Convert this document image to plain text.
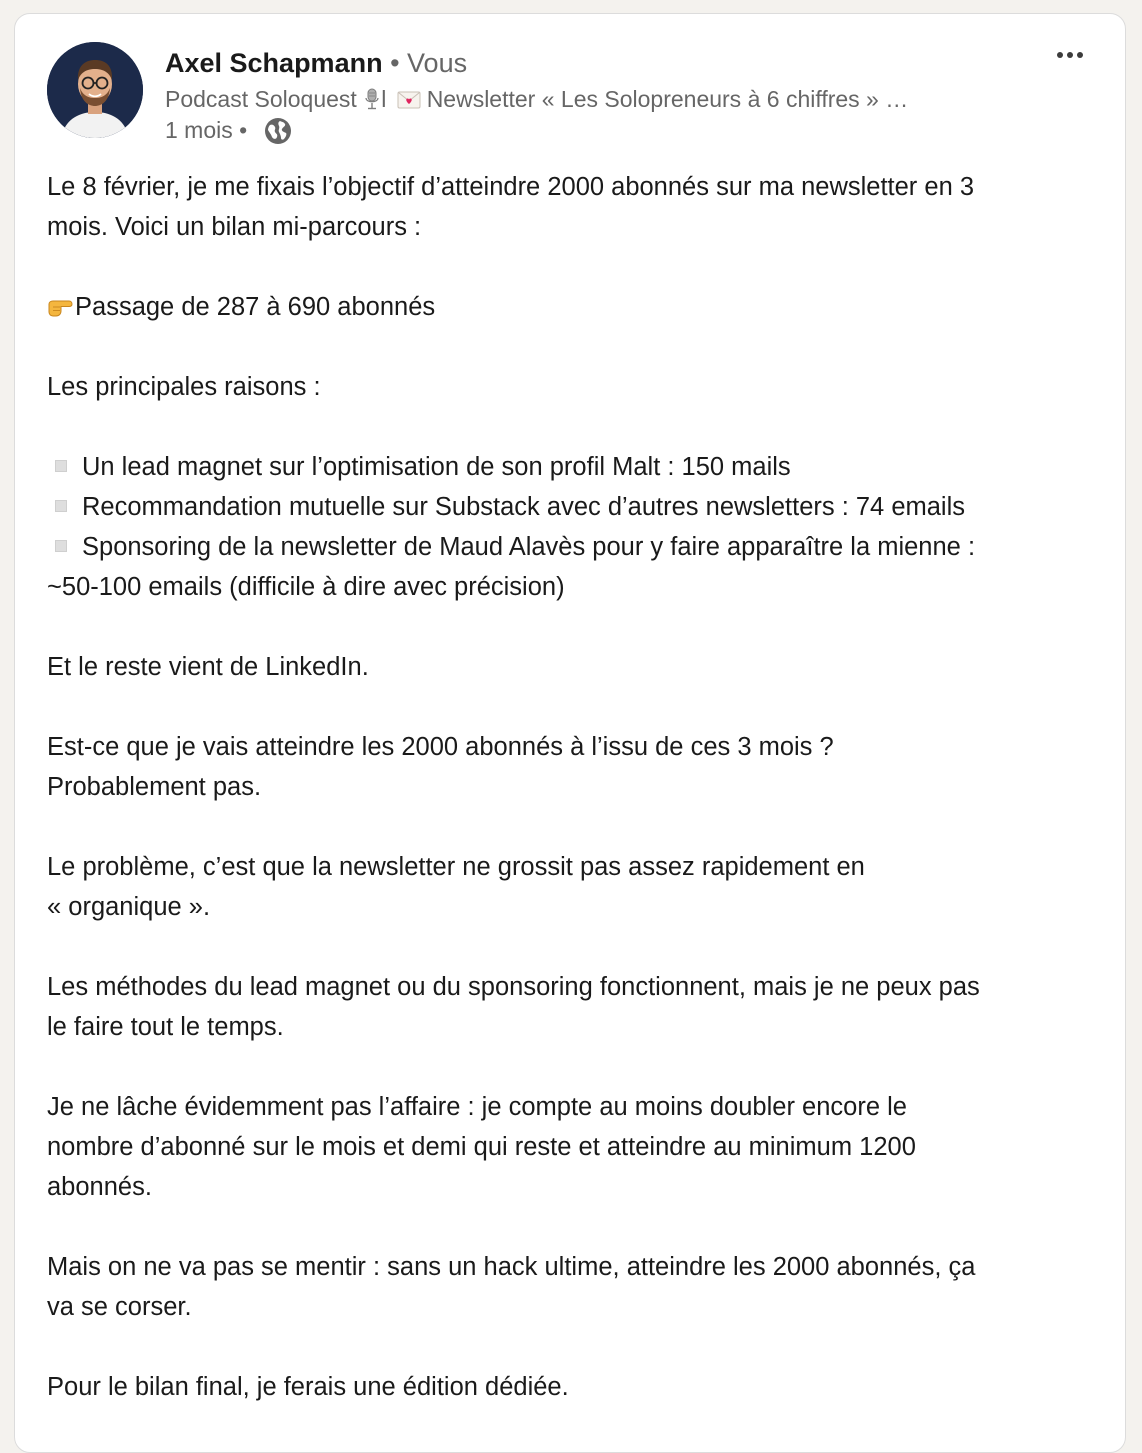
Axel Schapmann • Vous
Podcast Soloquest l Newsletter « Les Solopreneurs à 6 chiffres » …
1 mois •

Le 8 février, je me fixais l’objectif d’atteindre 2000 abonnés sur ma newsletter en 3

mois. Voici un bilan mi-parcours :

Passage de 287 à 690 abonnés

Les principales raisons :

Un lead magnet sur l’optimisation de son profil Malt : 150 mails

Recommandation mutuelle sur Substack avec d’autres newsletters : 74 emails

Sponsoring de la newsletter de Maud Alavès pour y faire apparaître la mienne :

~50-100 emails (difficile à dire avec précision)

Et le reste vient de LinkedIn.

Est-ce que je vais atteindre les 2000 abonnés à l’issu de ces 3 mois ?

Probablement pas.

Le problème, c’est que la newsletter ne grossit pas assez rapidement en

« organique ».

Les méthodes du lead magnet ou du sponsoring fonctionnent, mais je ne peux pas

le faire tout le temps.

Je ne lâche évidemment pas l’affaire : je compte au moins doubler encore le

nombre d’abonné sur le mois et demi qui reste et atteindre au minimum 1200

abonnés.

Mais on ne va pas se mentir : sans un hack ultime, atteindre les 2000 abonnés, ça

va se corser.

Pour le bilan final, je ferais une édition dédiée.
